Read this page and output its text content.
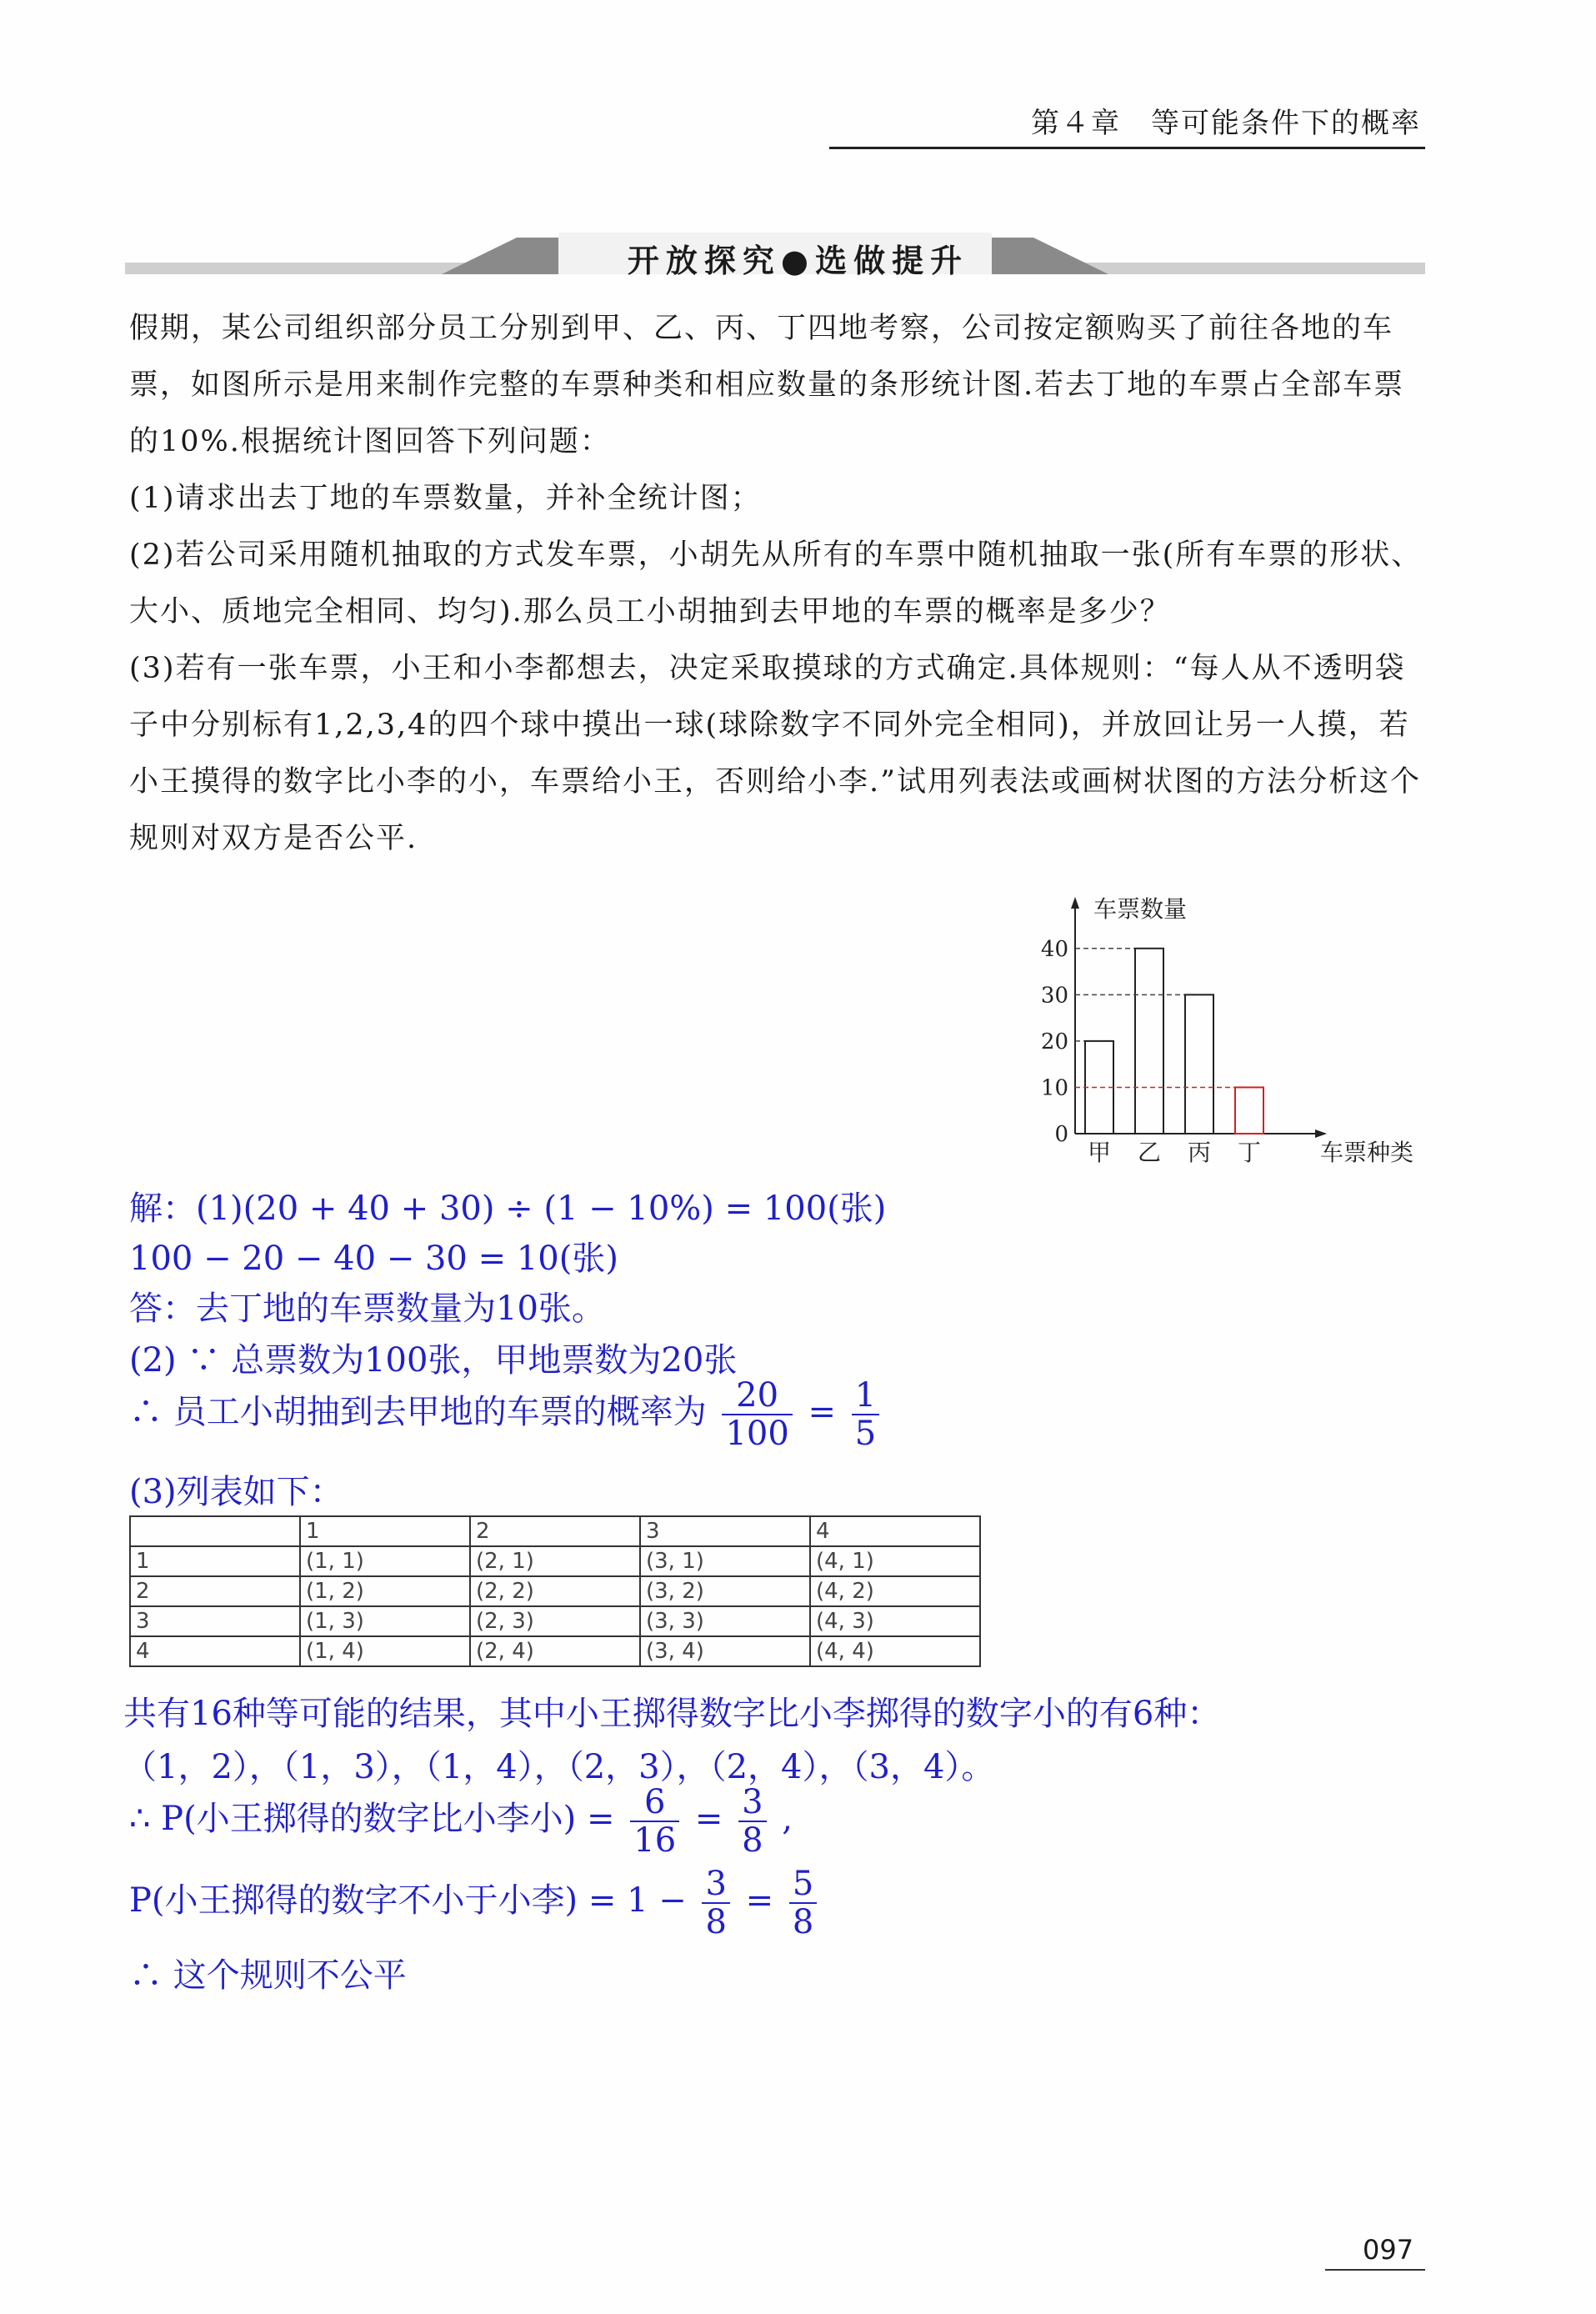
第４章　等可能条件下的概率
开放探究●选做提升

假期，某公司组织部分员工分别到甲、乙、丙、丁四地考察，公司按定额购买了前往各地的车票，如图所示是用来制作完整的车票种类和相应数量的条形统计图.若去丁地的车票占全部车票的10%.根据统计图回答下列问题：

(1)请求出去丁地的车票数量，并补全统计图；

(2)若公司采用随机抽取的方式发车票，小胡先从所有的车票中随机抽取一张(所有车票的形状、大小、质地完全相同、均匀).那么员工小胡抽到去甲地的车票的概率是多少？

(3)若有一张车票，小王和小李都想去，决定采取摸球的方式确定.具体规则：“每人从不透明袋子中分别标有1,2,3,4的四个球中摸出一球(球除数字不同外完全相同)，并放回让另一人摸，若小王摸得的数字比小李的小，车票给小王，否则给小李.”试用列表法或画树状图的方法分析这个规则对双方是否公平.

车票数量
车票种类
0
10
20
30
40
甲 乙 丙 丁
解：(1)(20 + 40 + 30) ÷ (1 − 10%) = 100(张)
100 − 20 − 40 − 30 = 10(张)
答：去丁地的车票数量为10张。
(2) ∵ 总票数为100张，甲地票数为20张
∴ 员工小胡抽到去甲地的车票的概率为 $\frac{20}{100} = \frac{1}{5}$
(3)列表如下：
	1	2	3	4
1	(1, 1)	(2, 1)	(3, 1)	(4, 1)
2	(1, 2)	(2, 2)	(3, 2)	(4, 2)
3	(1, 3)	(2, 3)	(3, 3)	(4, 3)
4	(1, 4)	(2, 4)	(3, 4)	(4, 4)
共有16种等可能的结果，其中小王掷得数字比小李掷得的数字小的有6种：
（1，2），（1，3），（1，4），（2，3），（2，4），（3，4）。
∴ P(小王掷得的数字比小李小) = $\frac{6}{16} = \frac{3}{8}$ ,
P(小王掷得的数字不小于小李) = $1 - \frac{3}{8} = \frac{5}{8}$
∴ 这个规则不公平
097
